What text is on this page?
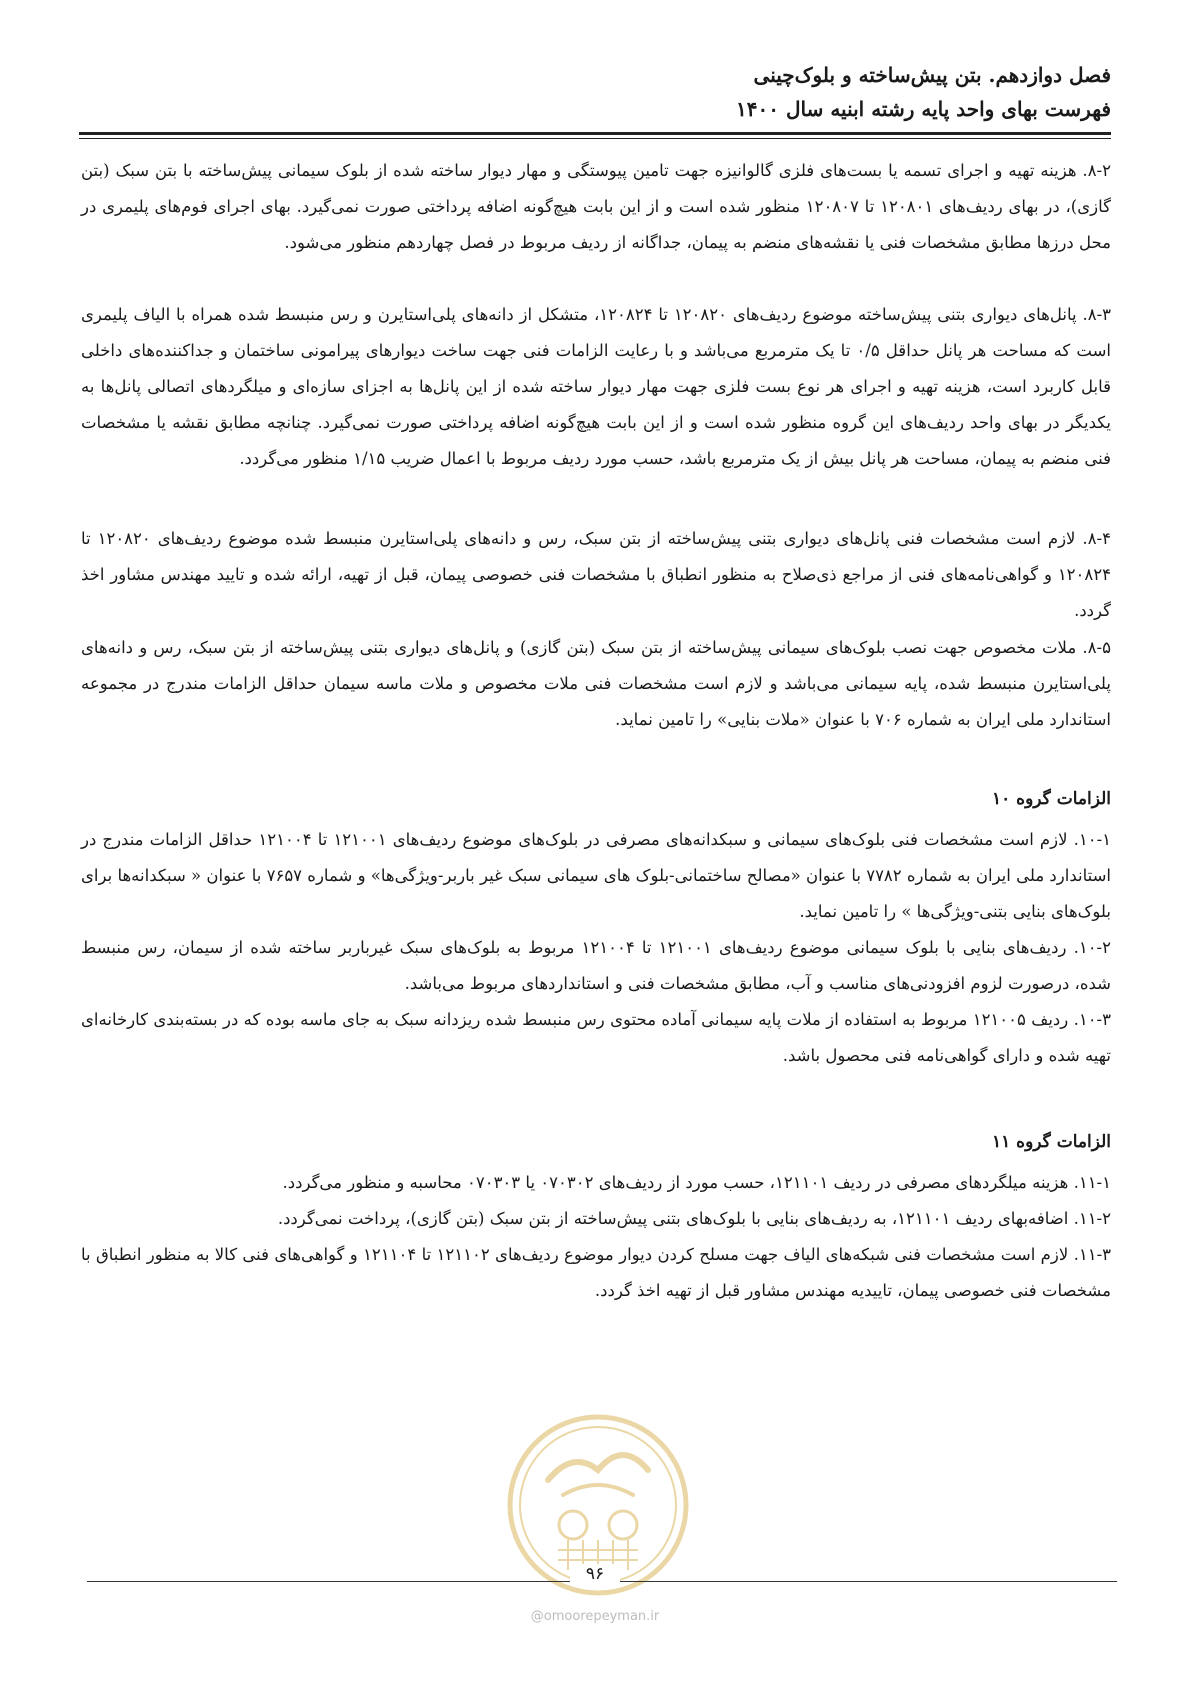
فصل دوازدهم. بتن پیش‌ساخته و بلوک‌چینی
فهرست بهای واحد پایه رشته ابنیه سال ۱۴۰۰
۸-۲. هزینه تهیه و اجرای تسمه یا بست‌های فلزی گالوانیزه جهت تامین پیوستگی و مهار دیوار ساخته شده از بلوک سیمانی پیش‌ساخته با بتن سبک (بتن گازی)، در بهای ردیف‌های ۱۲۰۸۰۱ تا ۱۲۰۸۰۷ منظور شده است و از این بابت هیچ‌گونه اضافه پرداختی صورت نمی‌گیرد. بهای اجرای فوم‌های پلیمری در محل درزها مطابق مشخصات فنی یا نقشه‌های منضم به پیمان، جداگانه از ردیف مربوط در فصل چهاردهم منظور می‌شود.
۸-۳. پانل‌های دیواری بتنی پیش‌ساخته موضوع ردیف‌های ۱۲۰۸۲۰ تا ۱۲۰۸۲۴، متشکل از دانه‌های پلی‌استایرن و رس منبسط شده همراه با الیاف پلیمری است که مساحت هر پانل حداقل ۰/۵ تا یک مترمربع می‌باشد و با رعایت الزامات فنی جهت ساخت دیوارهای پیرامونی ساختمان و جداکننده‌های داخلی قابل کاربرد است، هزینه تهیه و اجرای هر نوع بست فلزی جهت مهار دیوار ساخته شده از این پانل‌ها به اجزای سازه‌ای و میلگردهای اتصالی پانل‌ها به یکدیگر در بهای واحد ردیف‌های این گروه منظور شده است و از این بابت هیچ‌گونه اضافه پرداختی صورت نمی‌گیرد. چنانچه مطابق نقشه یا مشخصات فنی منضم به پیمان، مساحت هر پانل بیش از یک مترمربع باشد، حسب مورد ردیف مربوط با اعمال ضریب ۱/۱۵ منظور می‌گردد.
۸-۴. لازم است مشخصات فنی پانل‌های دیواری بتنی پیش‌ساخته از بتن سبک، رس و دانه‌های پلی‌استایرن منبسط شده موضوع ردیف‌های ۱۲۰۸۲۰ تا ۱۲۰۸۲۴ و گواهی‌نامه‌های فنی از مراجع ذی‌صلاح به منظور انطباق با مشخصات فنی خصوصی پیمان، قبل از تهیه، ارائه شده و تایید مهندس مشاور اخذ گردد.
۸-۵. ملات مخصوص جهت نصب بلوک‌های سیمانی پیش‌ساخته از بتن سبک (بتن گازی) و پانل‌های دیواری بتنی پیش‌ساخته از بتن سبک، رس و دانه‌های پلی‌استایرن منبسط شده، پایه سیمانی می‌باشد و لازم است مشخصات فنی ملات مخصوص و ملات ماسه سیمان حداقل الزامات مندرج در مجموعه استاندارد ملی ایران به شماره ۷۰۶ با عنوان «ملات بنایی» را تامین نماید.
الزامات گروه ۱۰
۱۰-۱. لازم است مشخصات فنی بلوک‌های سیمانی و سبکدانه‌های مصرفی در بلوک‌های موضوع ردیف‌های ۱۲۱۰۰۱ تا ۱۲۱۰۰۴ حداقل الزامات مندرج در استاندارد ملی ایران به شماره ۷۷۸۲ با عنوان «مصالح ساختمانی-بلوک های سیمانی سبک غیر باربر-ویژگی‌ها» و شماره ۷۶۵۷ با عنوان « سبکدانه‌ها برای بلوک‌های بنایی بتنی-ویژگی‌ها » را تامین نماید.
۱۰-۲. ردیف‌های بنایی با بلوک سیمانی موضوع ردیف‌های ۱۲۱۰۰۱ تا ۱۲۱۰۰۴ مربوط به بلوک‌های سبک غیرباربر ساخته شده از سیمان، رس منبسط شده، درصورت لزوم افزودنی‌های مناسب و آب، مطابق مشخصات فنی و استانداردهای مربوط می‌باشد.
۱۰-۳. ردیف ۱۲۱۰۰۵ مربوط به استفاده از ملات پایه سیمانی آماده محتوی رس منبسط شده ریزدانه سبک به جای ماسه بوده که در بسته‌بندی کارخانه‌ای تهیه شده و دارای گواهی‌نامه فنی محصول باشد.
الزامات گروه ۱۱
۱۱-۱. هزینه میلگردهای مصرفی در ردیف ۱۲۱۱۰۱، حسب مورد از ردیف‌های ۰۷۰۳۰۲ یا ۰۷۰۳۰۳ محاسبه و منظور می‌گردد.
۱۱-۲. اضافه‌بهای ردیف ۱۲۱۱۰۱، به ردیف‌های بنایی با بلوک‌های بتنی پیش‌ساخته از بتن سبک (بتن گازی)، پرداخت نمی‌گردد.
۱۱-۳. لازم است مشخصات فنی شبکه‌های الیاف جهت مسلح کردن دیوار موضوع ردیف‌های ۱۲۱۱۰۲ تا ۱۲۱۱۰۴ و گواهی‌های فنی کالا به منظور انطباق با مشخصات فنی خصوصی پیمان، تاییدیه مهندس مشاور قبل از تهیه اخذ گردد.
۹۶
@omoorepeyman.ir
